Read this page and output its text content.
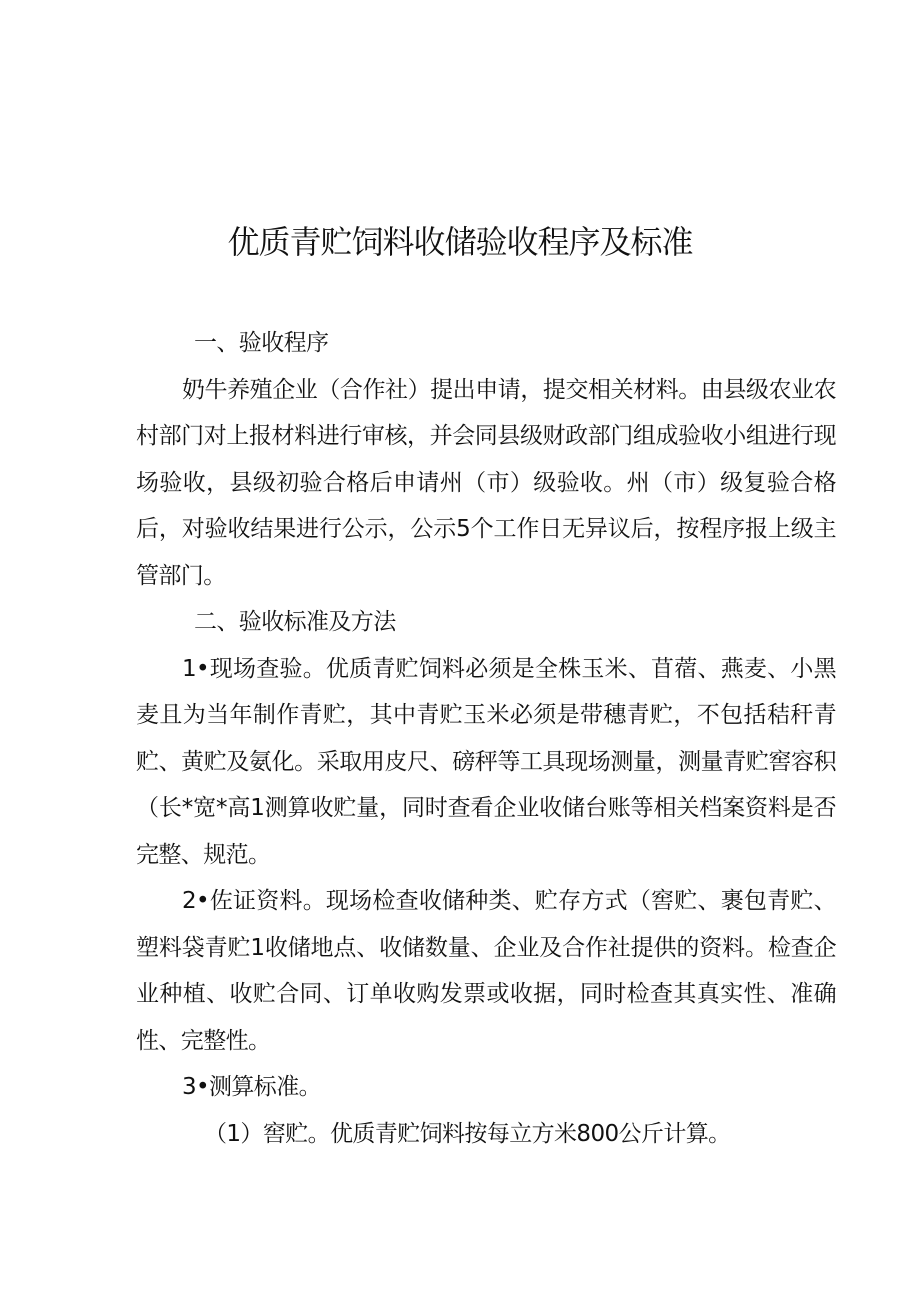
优质青贮饲料收储验收程序及标准

一、验收程序

奶牛养殖企业（合作社）提出申请，提交相关材料。由县级农业农村部门对上报材料进行审核，并会同县级财政部门组成验收小组进行现场验收，县级初验合格后申请州（市）级验收。州（市）级复验合格后，对验收结果进行公示，公示5个工作日无异议后，按程序报上级主管部门。

二、验收标准及方法

1•现场查验。优质青贮饲料必须是全株玉米、苜蓿、燕麦、小黑麦且为当年制作青贮，其中青贮玉米必须是带穗青贮，不包括秸秆青贮、黄贮及氨化。采取用皮尺、磅秤等工具现场测量，测量青贮窖容积（长*宽*高1测算收贮量，同时查看企业收储台账等相关档案资料是否完整、规范。

2•佐证资料。现场检查收储种类、贮存方式（窖贮、裹包青贮、塑料袋青贮1收储地点、收储数量、企业及合作社提供的资料。检查企业种植、收贮合同、订单收购发票或收据，同时检查其真实性、准确性、完整性。

3•测算标准。

（1）窖贮。优质青贮饲料按每立方米800公斤计算。
